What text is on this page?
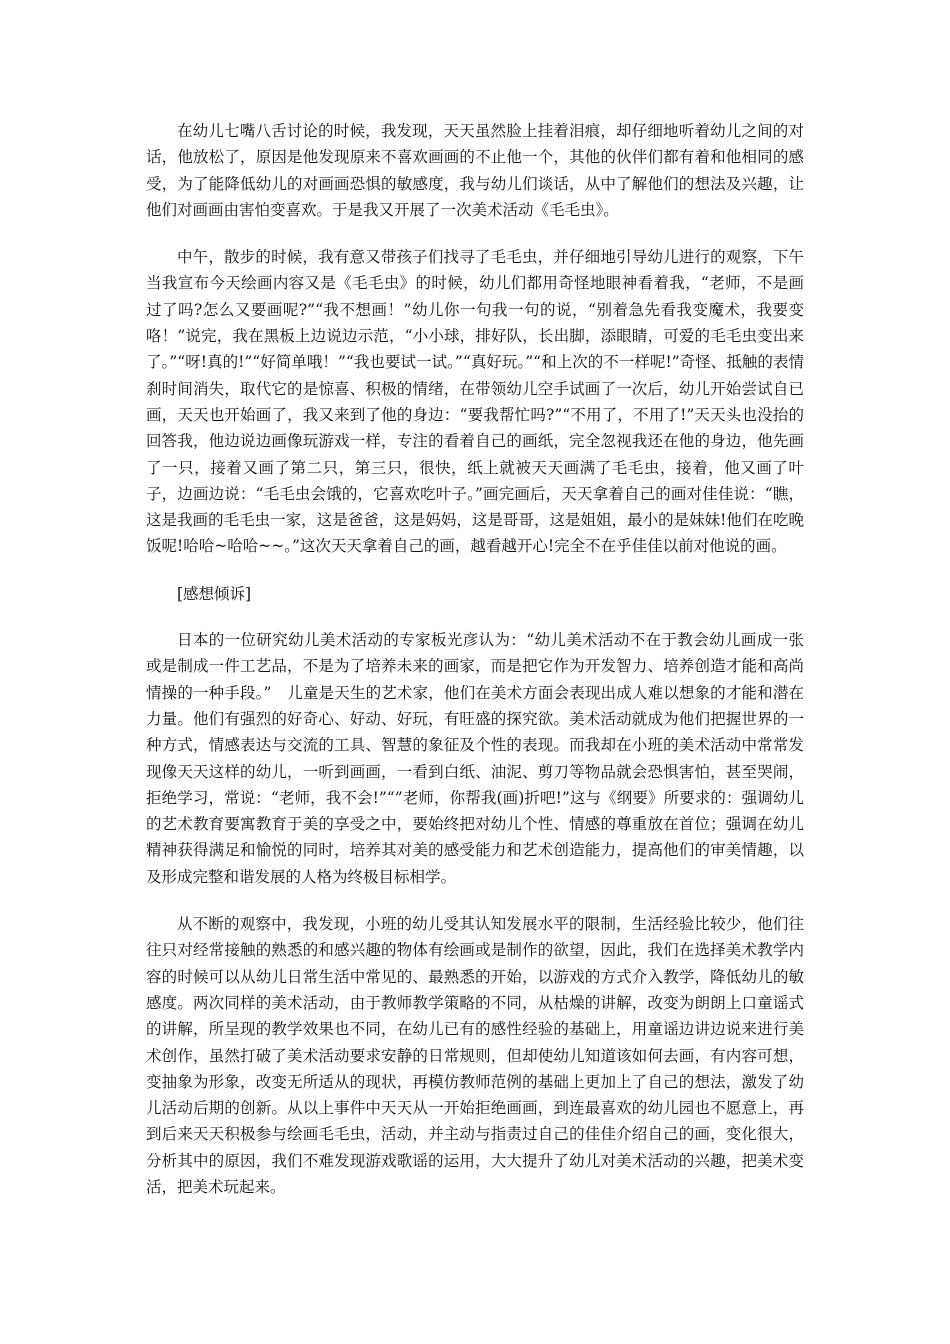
在幼儿七嘴八舌讨论的时候，我发现，天天虽然脸上挂着泪痕，却仔细地听着幼儿之间的对话，他放松了，原因是他发现原来不喜欢画画的不止他一个，其他的伙伴们都有着和他相同的感受，为了能降低幼儿的对画画恐惧的敏感度，我与幼儿们谈话，从中了解他们的想法及兴趣，让他们对画画由害怕变喜欢。于是我又开展了一次美术活动《毛毛虫》。

中午，散步的时候，我有意又带孩子们找寻了毛毛虫，并仔细地引导幼儿进行的观察，下午当我宣布今天绘画内容又是《毛毛虫》的时候，幼儿们都用奇怪地眼神看着我，“老师，不是画过了吗?怎么又要画呢?”“我不想画！”幼儿你一句我一句的说，“别着急先看我变魔术，我要变咯！”说完，我在黑板上边说边示范，“小小球，排好队，长出脚，添眼睛，可爱的毛毛虫变出来了。”“呀!真的!”“好简单哦！”“我也要试一试。”“真好玩。”“和上次的不一样呢!”奇怪、抵触的表情刹时间消失，取代它的是惊喜、积极的情绪，在带领幼儿空手试画了一次后，幼儿开始尝试自已画，天天也开始画了，我又来到了他的身边：“要我帮忙吗?”“不用了，不用了!”天天头也没抬的回答我，他边说边画像玩游戏一样，专注的看着自己的画纸，完全忽视我还在他的身边，他先画了一只，接着又画了第二只，第三只，很快，纸上就被天天画满了毛毛虫，接着，他又画了叶子，边画边说：“毛毛虫会饿的，它喜欢吃叶子。”画完画后，天天拿着自己的画对佳佳说：“瞧，这是我画的毛毛虫一家，这是爸爸，这是妈妈，这是哥哥，这是姐姐，最小的是妹妹!他们在吃晚饭呢!哈哈~哈哈~~。”这次天天拿着自己的画，越看越开心!完全不在乎佳佳以前对他说的画。

[感想倾诉]

日本的一位研究幼儿美术活动的专家板光彦认为：“幼儿美术活动不在于教会幼儿画成一张或是制成一件工艺品，不是为了培养未来的画家，而是把它作为开发智力、培养创造才能和高尚情操的一种手段。”　儿童是天生的艺术家，他们在美术方面会表现出成人难以想象的才能和潜在力量。他们有强烈的好奇心、好动、好玩，有旺盛的探究欲。美术活动就成为他们把握世界的一种方式，情感表达与交流的工具、智慧的象征及个性的表现。而我却在小班的美术活动中常常发现像天天这样的幼儿，一听到画画，一看到白纸、油泥、剪刀等物品就会恐惧害怕，甚至哭闹，拒绝学习，常说：“老师，我不会!”“”老师，你帮我(画)折吧!”这与《纲要》所要求的：强调幼儿的艺术教育要寓教育于美的享受之中，要始终把对幼儿个性、情感的尊重放在首位；强调在幼儿精神获得满足和愉悦的同时，培养其对美的感受能力和艺术创造能力，提高他们的审美情趣，以及形成完整和谐发展的人格为终极目标相学。

从不断的观察中，我发现，小班的幼儿受其认知发展水平的限制，生活经验比较少，他们往往只对经常接触的熟悉的和感兴趣的物体有绘画或是制作的欲望，因此，我们在选择美术教学内容的时候可以从幼儿日常生活中常见的、最熟悉的开始，以游戏的方式介入教学，降低幼儿的敏感度。两次同样的美术活动，由于教师教学策略的不同，从枯燥的讲解，改变为朗朗上口童谣式的讲解，所呈现的教学效果也不同，在幼儿已有的感性经验的基础上，用童谣边讲边说来进行美术创作，虽然打破了美术活动要求安静的日常规则，但却使幼儿知道该如何去画，有内容可想，变抽象为形象，改变无所适从的现状，再模仿教师范例的基础上更加上了自己的想法，激发了幼儿活动后期的创新。从以上事件中天天从一开始拒绝画画，到连最喜欢的幼儿园也不愿意上，再到后来天天积极参与绘画毛毛虫，活动，并主动与指责过自己的佳佳介绍自己的画，变化很大，分析其中的原因，我们不难发现游戏歌谣的运用，大大提升了幼儿对美术活动的兴趣，把美术变活，把美术玩起来。
